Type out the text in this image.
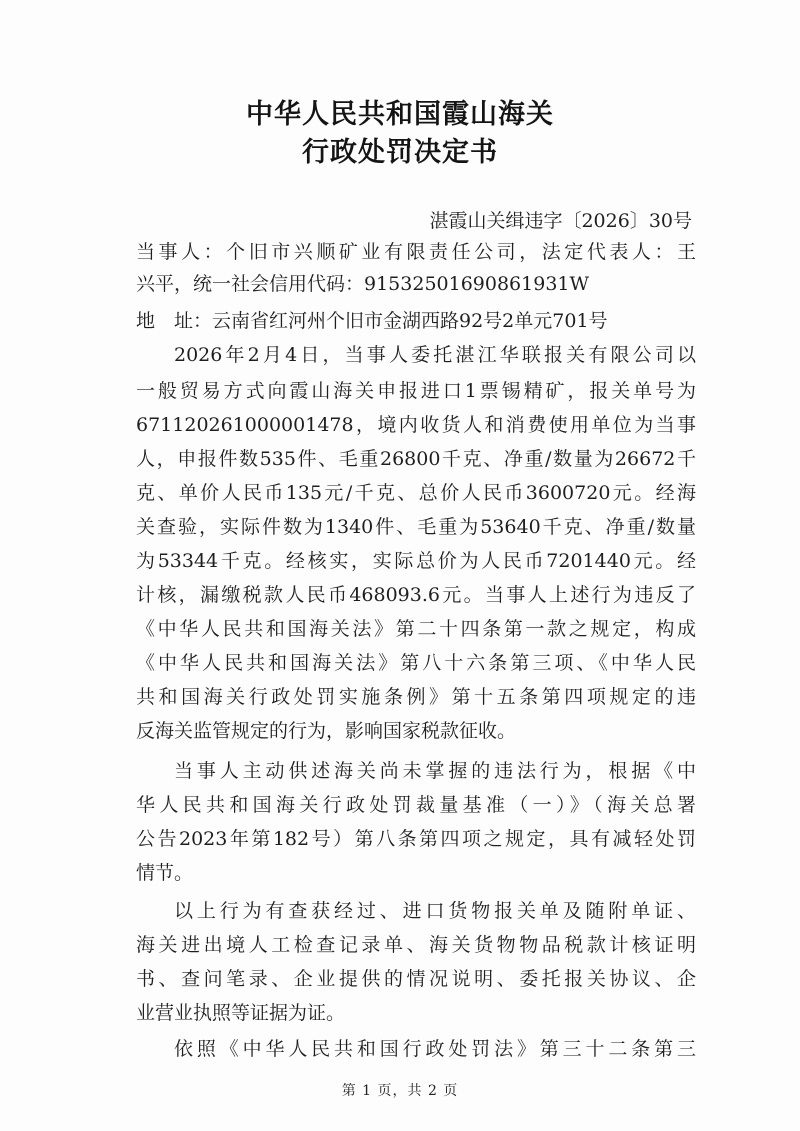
中华人民共和国霞山海关
行政处罚决定书
湛霞山关缉违字〔2026〕30号
当事人：个旧市兴顺矿业有限责任公司，法定代表人：王
兴平，统一社会信用代码：91532501690861931W
地　址：云南省红河州个旧市金湖西路92号2单元701号
2026年2月4日，当事人委托湛江华联报关有限公司以
一般贸易方式向霞山海关申报进口1票锡精矿，报关单号为
671120261000001478，境内收货人和消费使用单位为当事
人，申报件数535件、毛重26800千克、净重/数量为26672千
克、单价人民币135元/千克、总价人民币3600720元。经海
关查验，实际件数为1340件、毛重为53640千克、净重/数量
为53344千克。经核实，实际总价为人民币7201440元。经
计核，漏缴税款人民币468093.6元。当事人上述行为违反了
《中华人民共和国海关法》第二十四条第一款之规定，构成
《中华人民共和国海关法》第八十六条第三项、《中华人民
共和国海关行政处罚实施条例》第十五条第四项规定的违
反海关监管规定的行为，影响国家税款征收。
当事人主动供述海关尚未掌握的违法行为，根据《中
华人民共和国海关行政处罚裁量基准（一）》（海关总署
公告2023年第182号）第八条第四项之规定，具有减轻处罚
情节。
以上行为有查获经过、进口货物报关单及随附单证、
海关进出境人工检查记录单、海关货物物品税款计核证明
书、查问笔录、企业提供的情况说明、委托报关协议、企
业营业执照等证据为证。
依照《中华人民共和国行政处罚法》第三十二条第三
第 1 页，共 2 页
